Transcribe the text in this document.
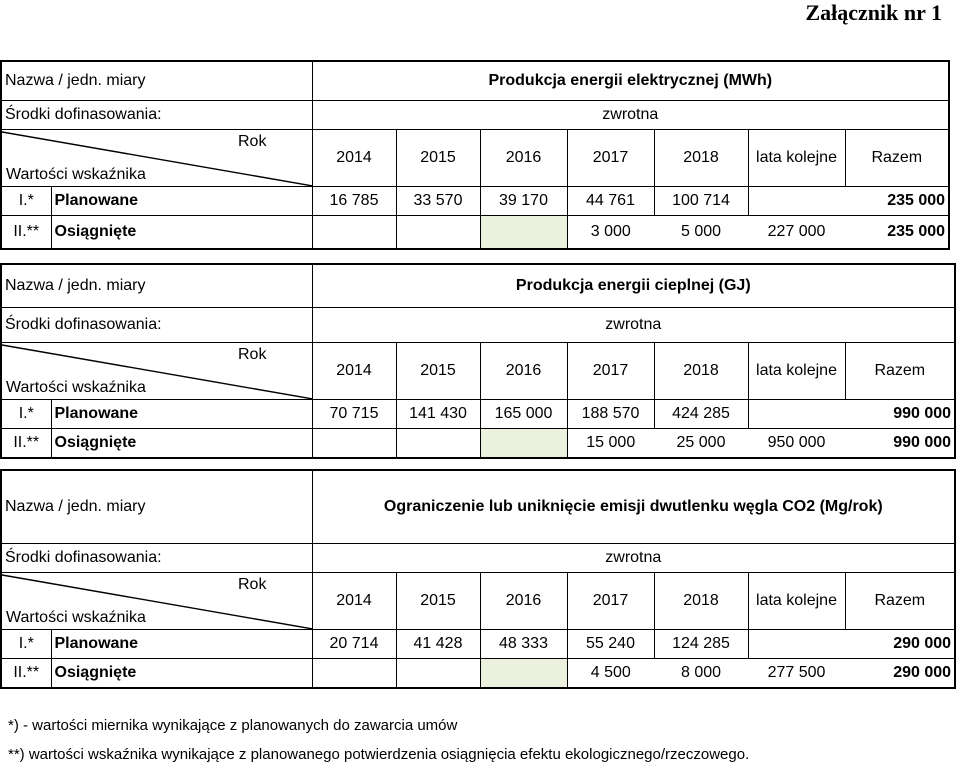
Załącznik nr 1
Nazwa / jedn. miary		Produkcja energii elektrycznej (MWh)						
Środki dofinasowania:		zwrotna						

Rok
Wartości wskaźnika		2014	2015	2016	2017	2018	lata kolejne	Razem
I.*	Planowane	16 785	33 570	39 170	44 761	100 714		235 000
II.**	Osiągnięte				3 000	5 000	227 000	235 000
Nazwa / jedn. miary		Produkcja energii cieplnej (GJ)						
Środki dofinasowania:		zwrotna						

Rok
Wartości wskaźnika		2014	2015	2016	2017	2018	lata kolejne	Razem
I.*	Planowane	70 715	141 430	165 000	188 570	424 285		990 000
II.**	Osiągnięte				15 000	25 000	950 000	990 000
Nazwa / jedn. miary		Ograniczenie lub uniknięcie emisji dwutlenku węgla CO2 (Mg/rok)						
Środki dofinasowania:		zwrotna						

Rok
Wartości wskaźnika		2014	2015	2016	2017	2018	lata kolejne	Razem
I.*	Planowane	20 714	41 428	48 333	55 240	124 285		290 000
II.**	Osiągnięte				4 500	8 000	277 500	290 000
*) - wartości miernika wynikające z planowanych do zawarcia umów
**) wartości wskaźnika wynikające z planowanego potwierdzenia osiągnięcia efektu ekologicznego/rzeczowego.
